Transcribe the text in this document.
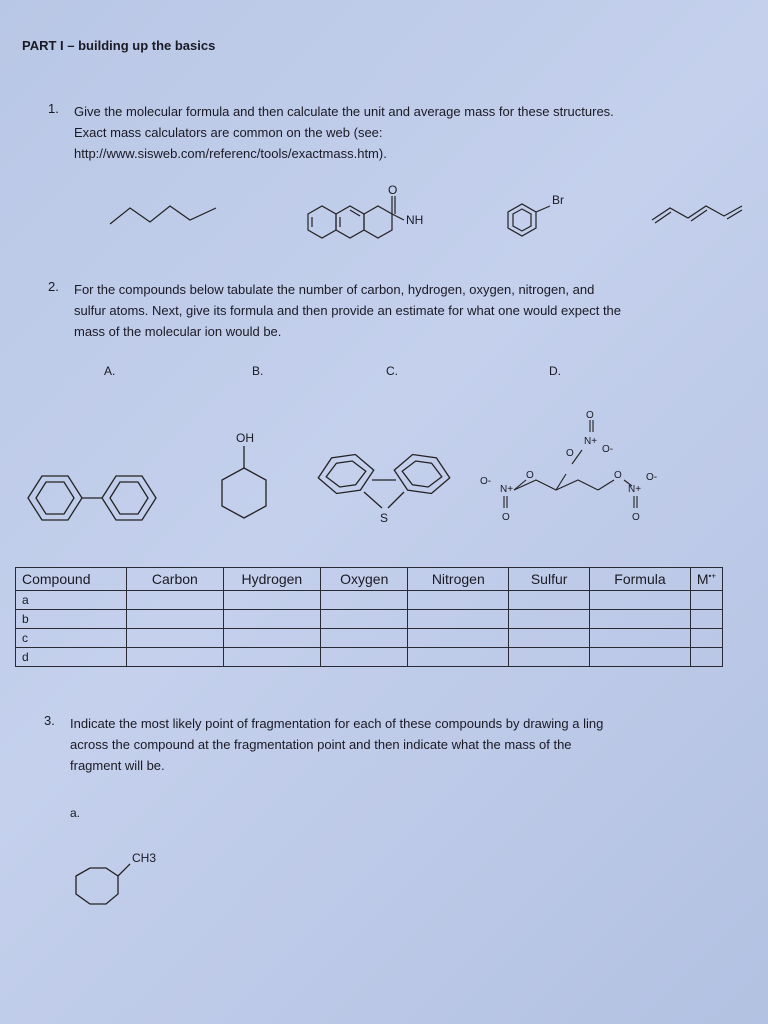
PART I – building up the basics
1. Give the molecular formula and then calculate the unit and average mass for these structures.
Exact mass calculators are common on the web (see:
http://www.sisweb.com/referenc/tools/exactmass.htm).
O
NH
Br
2. For the compounds below tabulate the number of carbon, hydrogen, oxygen, nitrogen, and
sulfur atoms. Next, give its formula and then provide an estimate for what one would expect the
mass of the molecular ion would be.
A.	B.	C.	D.
OH
S
O
N+
O-
O
O
O-
N+
O
O
N+
O-
O
Compound	Carbon	Hydrogen	Oxygen	Nitrogen	Sulfur	Formula	M•+
a							
b							
c							
d							
3. Indicate the most likely point of fragmentation for each of these compounds by drawing a ling
across the compound at the fragmentation point and then indicate what the mass of the
fragment will be.
a.
CH3
